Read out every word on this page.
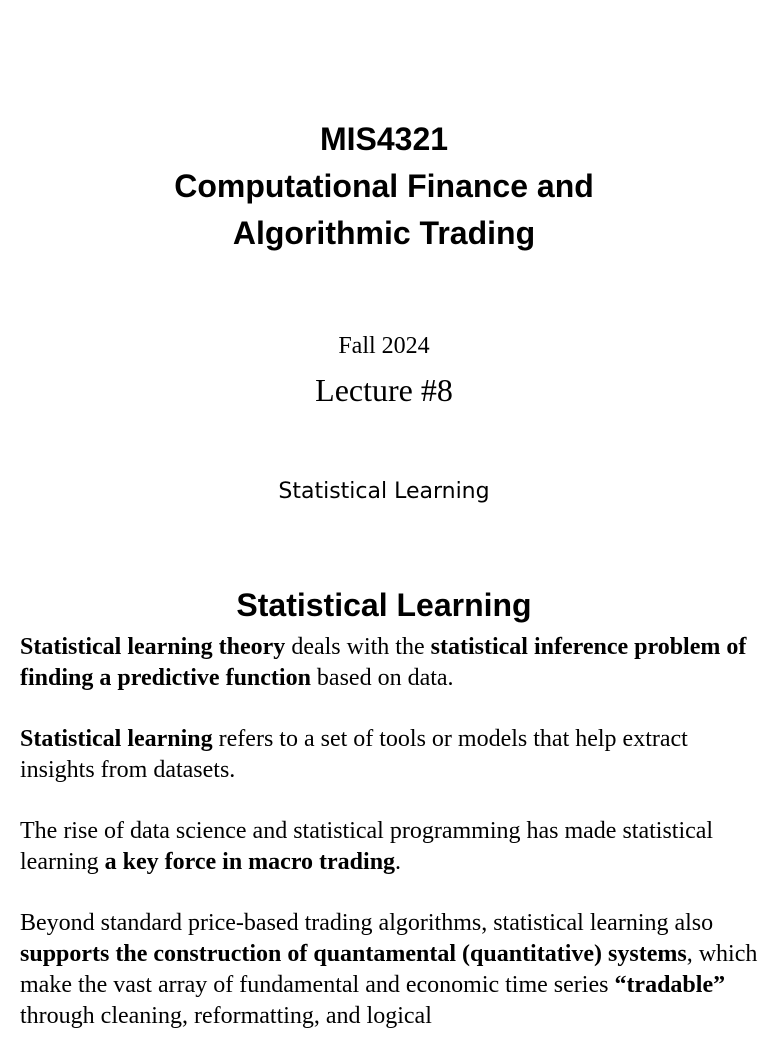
MIS4321
Computational Finance and
Algorithmic Trading
Fall 2024
Lecture #8
Statistical Learning
Statistical Learning

Statistical learning theory deals with the statistical inference problem of finding a predictive function based on data.

Statistical learning refers to a set of tools or models that help extract insights from datasets.

The rise of data science and statistical programming has made statistical learning a key force in macro trading.

Beyond standard price-based trading algorithms, statistical learning also supports the construction of quantamental (quantitative) systems, which make the vast array of fundamental and economic time series “tradable” through cleaning, reformatting, and logical
